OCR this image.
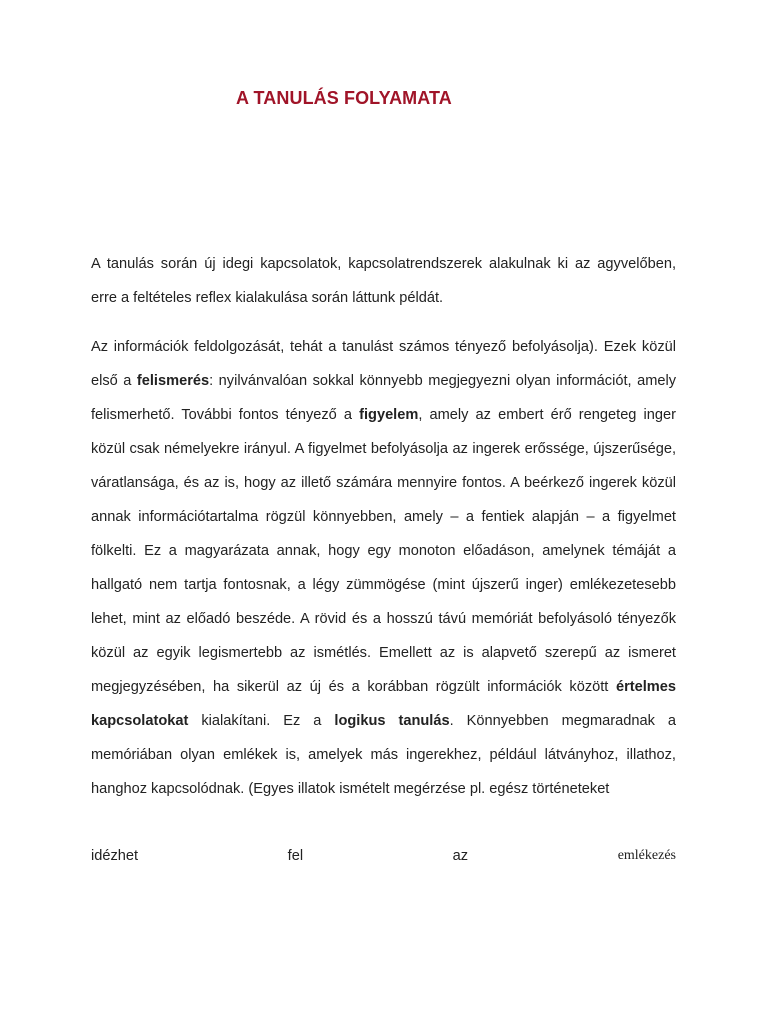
A TANULÁS FOLYAMATA

A tanulás során új idegi kapcsolatok, kapcsolatrendszerek alakulnak ki az agyvelőben, erre a feltételes reflex kialakulása során láttunk példát.

Az információk feldolgozását, tehát a tanulást számos tényező befolyásolja). Ezek közül első a felismerés: nyilvánvalóan sokkal könnyebb megjegyezni olyan információt, amely felismerhető. További fontos tényező a figyelem, amely az embert érő rengeteg inger közül csak némelyekre irányul. A figyelmet befolyásolja az ingerek erőssége, újszerűsége, váratlansága, és az is, hogy az illető számára mennyire fontos. A beérkező ingerek közül annak információtartalma rögzül könnyebben, amely – a fentiek alapján – a figyelmet fölkelti. Ez a magyarázata annak, hogy egy monoton előadáson, amelynek témáját a hallgató nem tartja fontosnak, a légy zümmögése (mint újszerű inger) emlékezetesebb lehet, mint az előadó beszéde. A rövid és a hosszú távú memóriát befolyásoló tényezők közül az egyik legismertebb az ismétlés. Emellett az is alapvető szerepű az ismeret megjegyzésében, ha sikerül az új és a korábban rögzült információk között értelmes kapcsolatokat kialakítani. Ez a logikus tanulás. Könnyebben megmaradnak a memóriában olyan emlékek is, amelyek más ingerekhez, például látványhoz, illathoz, hanghoz kapcsolódnak. (Egyes illatok ismételt megérzése pl. egész történeteket

idézhet	fel	az	emlékezés
